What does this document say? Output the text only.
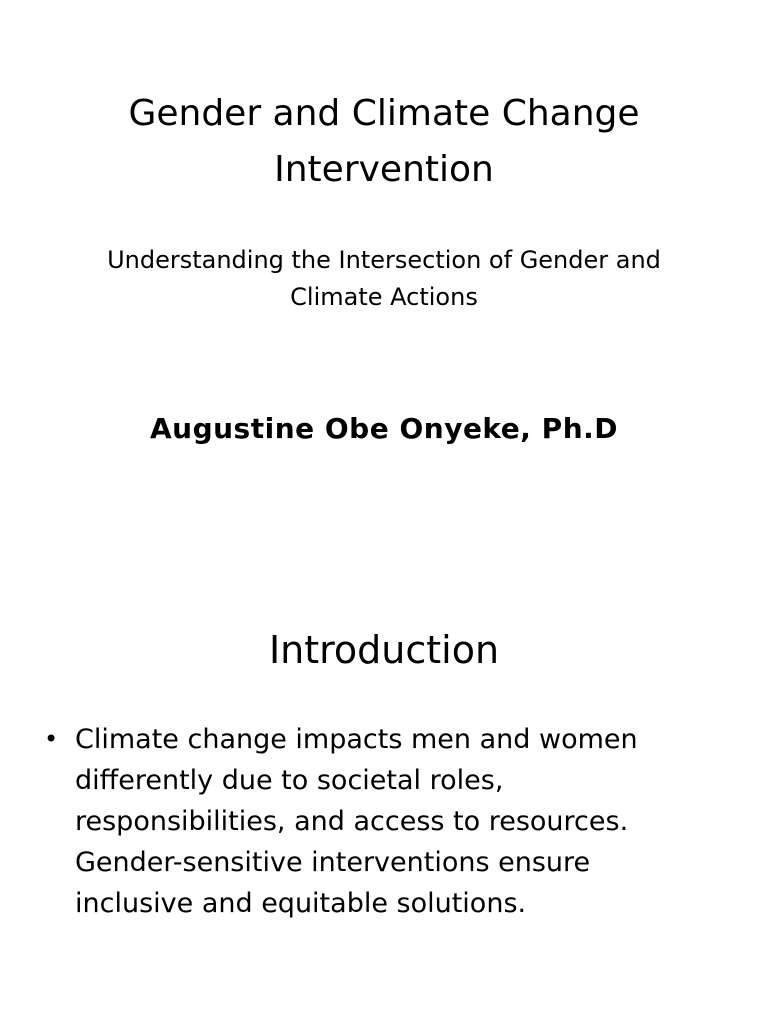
Gender and Climate Change Intervention

Understanding the Intersection of Gender and Climate Actions

Augustine Obe Onyeke, Ph.D

Introduction
• Climate change impacts men and women differently due to societal roles, responsibilities, and access to resources. Gender-sensitive interventions ensure inclusive and equitable solutions.
